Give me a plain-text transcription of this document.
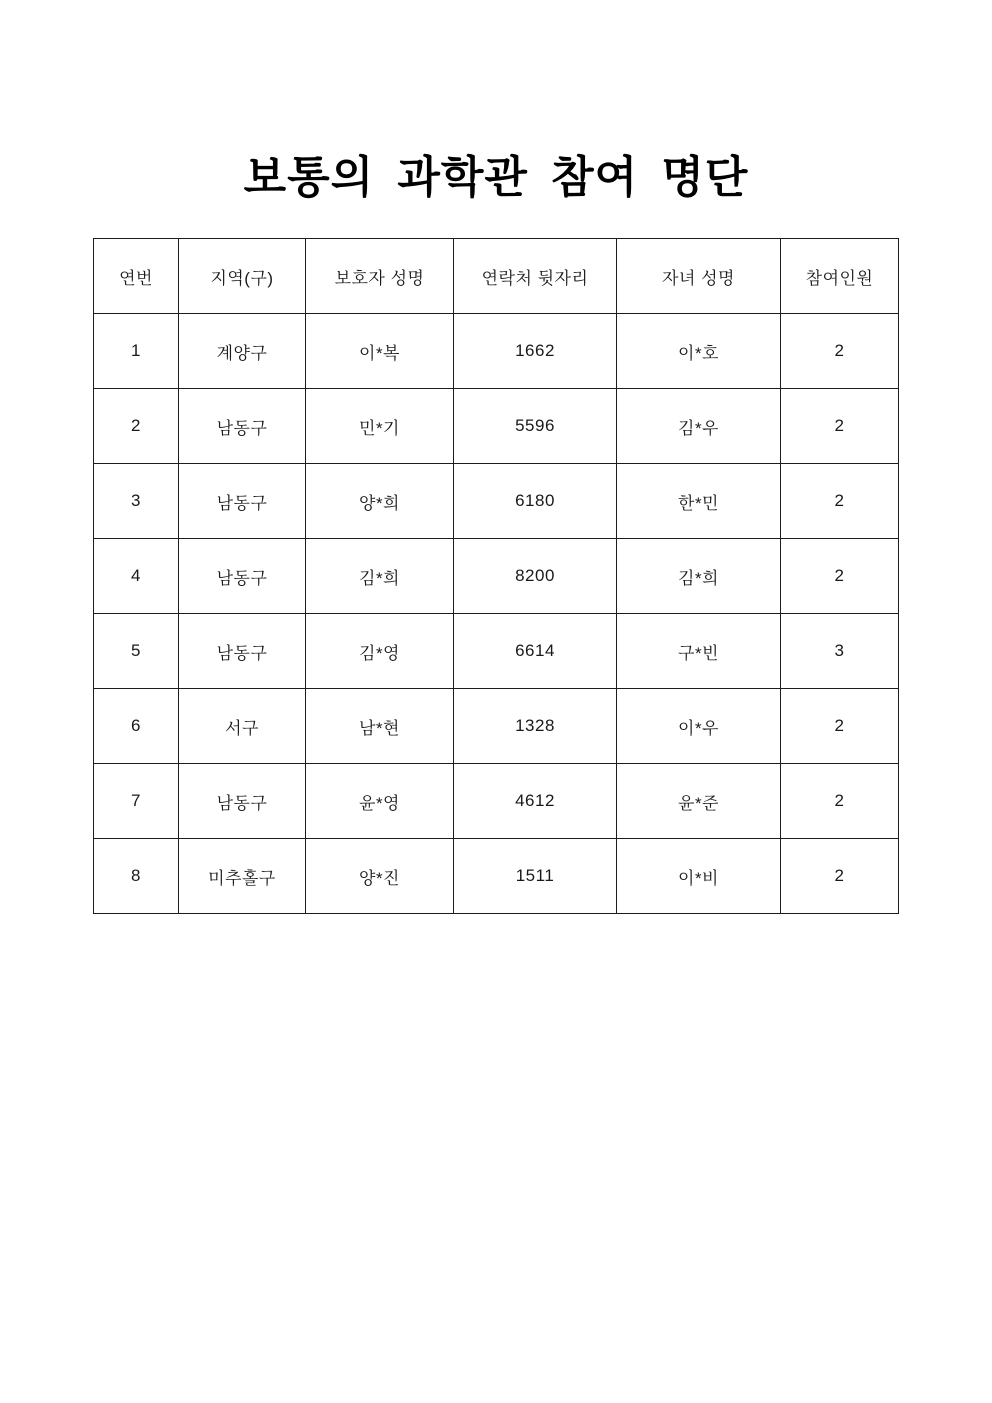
보통의 과학관 참여 명단
연번	지역(구)	보호자 성명	연락처 뒷자리	자녀 성명	참여인원
1	계양구	이*복	1662	이*호	2
2	남동구	민*기	5596	김*우	2
3	남동구	양*희	6180	한*민	2
4	남동구	김*희	8200	김*희	2
5	남동구	김*영	6614	구*빈	3
6	서구	남*현	1328	이*우	2
7	남동구	윤*영	4612	윤*준	2
8	미추홀구	양*진	1511	이*비	2
